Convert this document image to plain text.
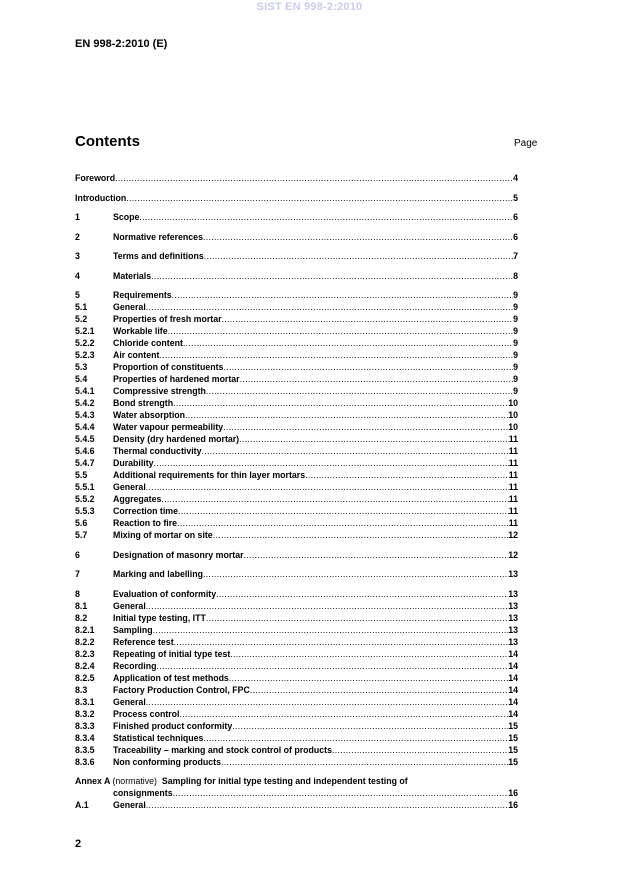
SIST EN 998-2:2010
EN 998-2:2010 (E)
Contents	Page
Foreword .....	4
Introduction .....	5
1	Scope .....	6
2	Normative references .....	6
3	Terms and definitions .....	7
4	Materials .....	8
5	Requirements .....	9
5.1	General .....	9
5.2	Properties of fresh mortar .....	9
5.2.1 Workable life .....	9
5.2.2 Chloride content .....	9
5.2.3 Air content .....	9
5.3	Proportion of constituents .....	9
5.4	Properties of hardened mortar .....	9
5.4.1 Compressive strength .....	9
5.4.2 Bond strength .....	10
5.4.3 Water absorption .....	10
5.4.4 Water vapour permeability .....	10
5.4.5 Density (dry hardened mortar) .....	11
5.4.6 Thermal conductivity .....	11
5.4.7 Durability .....	11
5.5	Additional requirements for thin layer mortars .....	11
5.5.1 General .....	11
5.5.2 Aggregates .....	11
5.5.3 Correction time .....	11
5.6	Reaction to fire .....	11
5.7	Mixing of mortar on site .....	12
6	Designation of masonry mortar .....	12
7	Marking and labelling .....	13
8	Evaluation of conformity .....	13
8.1	General .....	13
8.2	Initial type testing, ITT .....	13
8.2.1 Sampling .....	13
8.2.2 Reference test .....	13
8.2.3 Repeating of initial type test .....	14
8.2.4 Recording .....	14
8.2.5 Application of test methods .....	14
8.3	Factory Production Control, FPC .....	14
8.3.1 General .....	14
8.3.2 Process control .....	14
8.3.3 Finished product conformity .....	15
8.3.4 Statistical techniques .....	15
8.3.5 Traceability – marking and stock control of products .....	15
8.3.6 Non conforming products .....	15
Annex A (normative) Sampling for initial type testing and independent testing of
consignments .....	16
A.1	General .....	16
2
